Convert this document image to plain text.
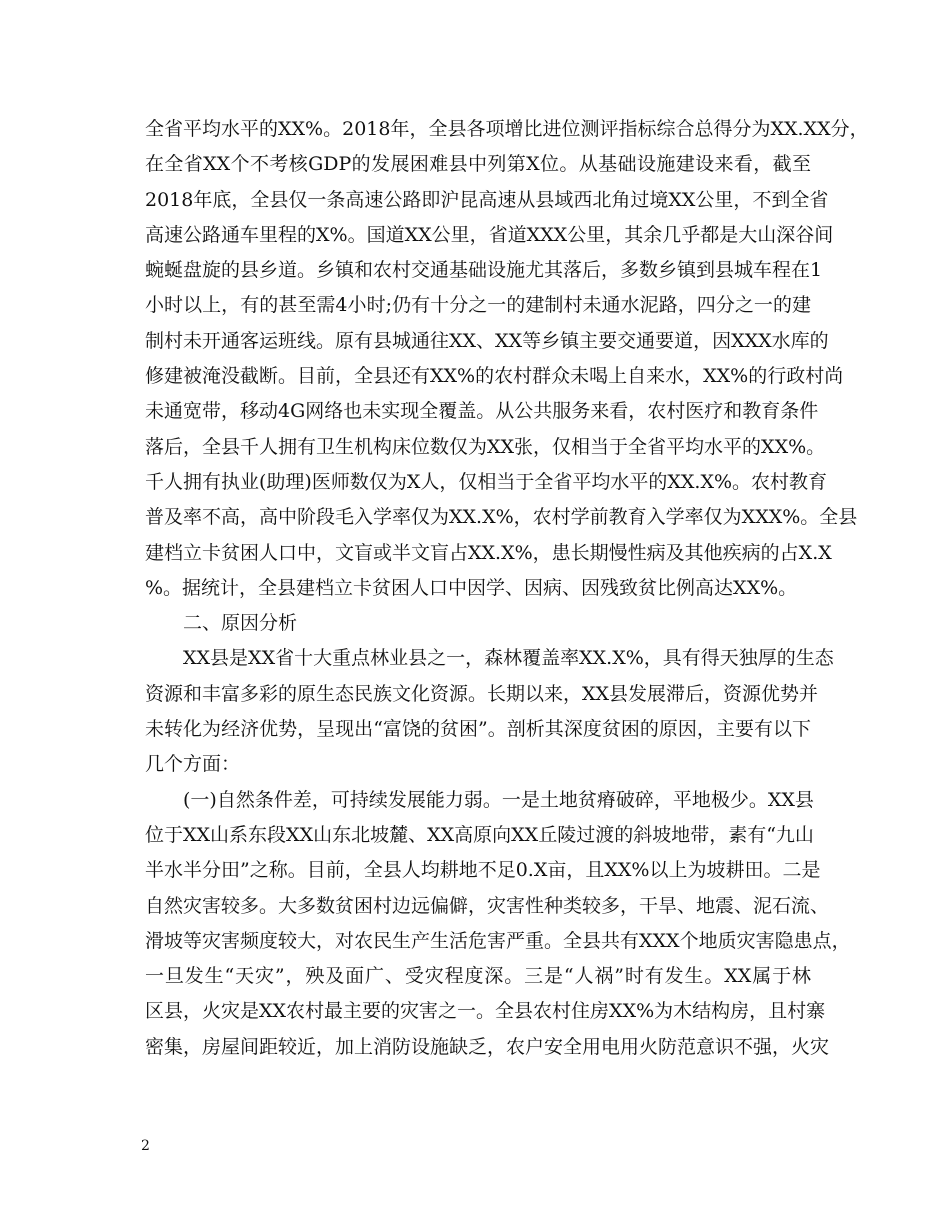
全省平均水平的XX%。2018年，全县各项增比进位测评指标综合总得分为XX.XX分，
在全省XX个不考核GDP的发展困难县中列第X位。从基础设施建设来看，截至
2018年底，全县仅一条高速公路即沪昆高速从县域西北角过境XX公里，不到全省
高速公路通车里程的X%。国道XX公里，省道XXX公里，其余几乎都是大山深谷间
蜿蜒盘旋的县乡道。乡镇和农村交通基础设施尤其落后，多数乡镇到县城车程在1
小时以上，有的甚至需4小时;仍有十分之一的建制村未通水泥路，四分之一的建
制村未开通客运班线。原有县城通往XX、XX等乡镇主要交通要道，因XXX水库的
修建被淹没截断。目前，全县还有XX%的农村群众未喝上自来水，XX%的行政村尚
未通宽带，移动4G网络也未实现全覆盖。从公共服务来看，农村医疗和教育条件
落后，全县千人拥有卫生机构床位数仅为XX张，仅相当于全省平均水平的XX%。
千人拥有执业(助理)医师数仅为X人，仅相当于全省平均水平的XX.X%。农村教育
普及率不高，高中阶段毛入学率仅为XX.X%，农村学前教育入学率仅为XXX%。全县
建档立卡贫困人口中，文盲或半文盲占XX.X%，患长期慢性病及其他疾病的占X.X
%。据统计，全县建档立卡贫困人口中因学、因病、因残致贫比例高达XX%。
二、原因分析
XX县是XX省十大重点林业县之一，森林覆盖率XX.X%，具有得天独厚的生态
资源和丰富多彩的原生态民族文化资源。长期以来，XX县发展滞后，资源优势并
未转化为经济优势，呈现出“富饶的贫困”。剖析其深度贫困的原因，主要有以下
几个方面：
(一)自然条件差，可持续发展能力弱。一是土地贫瘠破碎，平地极少。XX县
位于XX山系东段XX山东北坡麓、XX高原向XX丘陵过渡的斜坡地带，素有“九山
半水半分田”之称。目前，全县人均耕地不足0.X亩，且XX%以上为坡耕田。二是
自然灾害较多。大多数贫困村边远偏僻，灾害性种类较多，干旱、地震、泥石流、
滑坡等灾害频度较大，对农民生产生活危害严重。全县共有XXX个地质灾害隐患点，
一旦发生“天灾”，殃及面广、受灾程度深。三是“人祸”时有发生。XX属于林
区县，火灾是XX农村最主要的灾害之一。全县农村住房XX%为木结构房，且村寨
密集，房屋间距较近，加上消防设施缺乏，农户安全用电用火防范意识不强，火灾
2
